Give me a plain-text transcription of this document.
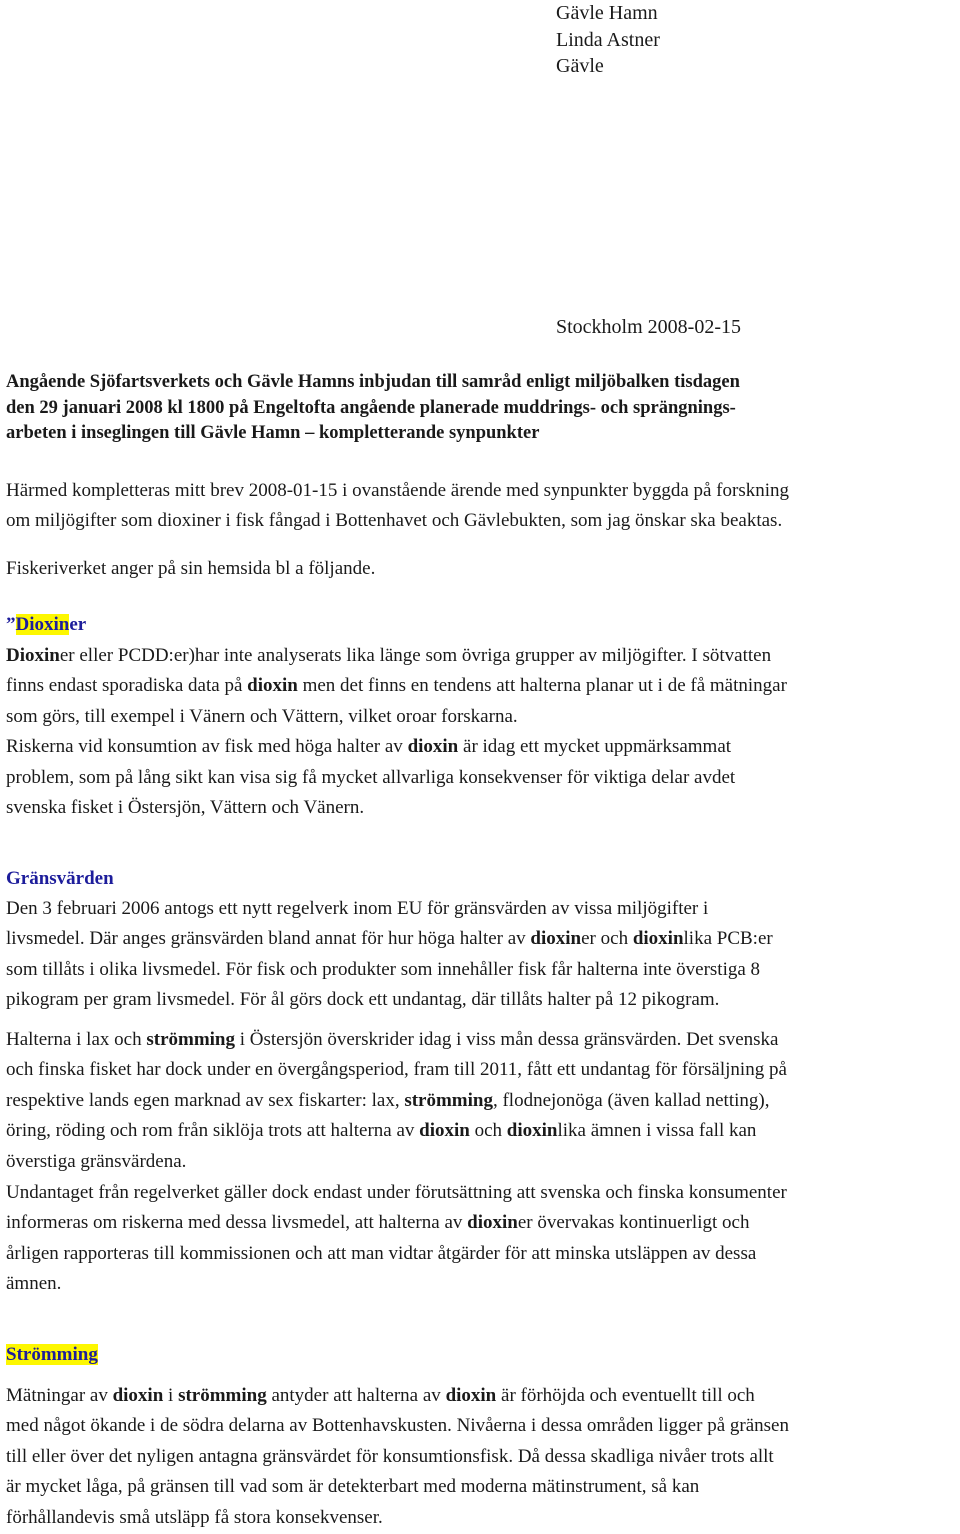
Gävle Hamn
Linda Astner
Gävle
Stockholm 2008-02-15
Angående Sjöfartsverkets och Gävle Hamns inbjudan till samråd enligt miljöbalken tisdagen
den 29 januari 2008 kl 1800 på Engeltofta angående planerade muddrings- och sprängnings-
arbeten i inseglingen till Gävle Hamn – kompletterande synpunkter
Härmed kompletteras mitt brev 2008-01-15 i ovanstående ärende med synpunkter byggda på forskning
om miljögifter som dioxiner i fisk fångad i Bottenhavet och Gävlebukten, som jag önskar ska beaktas.
Fiskeriverket anger på sin hemsida bl a följande.
”Dioxiner
Dioxiner eller PCDD:er)har inte analyserats lika länge som övriga grupper av miljögifter. I sötvatten
finns endast sporadiska data på dioxin men det finns en tendens att halterna planar ut i de få mätningar
som görs, till exempel i Vänern och Vättern, vilket oroar forskarna.
Riskerna vid konsumtion av fisk med höga halter av dioxin är idag ett mycket uppmärksammat
problem, som på lång sikt kan visa sig få mycket allvarliga konsekvenser för viktiga delar avdet
svenska fisket i Östersjön, Vättern och Vänern.
Gränsvärden
Den 3 februari 2006 antogs ett nytt regelverk inom EU för gränsvärden av vissa miljögifter i
livsmedel. Där anges gränsvärden bland annat för hur höga halter av dioxiner och dioxinlika PCB:er
som tillåts i olika livsmedel. För fisk och produkter som innehåller fisk får halterna inte överstiga 8
pikogram per gram livsmedel. För ål görs dock ett undantag, där tillåts halter på 12 pikogram.
Halterna i lax och strömming i Östersjön överskrider idag i viss mån dessa gränsvärden. Det svenska
och finska fisket har dock under en övergångsperiod, fram till 2011, fått ett undantag för försäljning på
respektive lands egen marknad av sex fiskarter: lax, strömming, flodnejonöga (även kallad netting),
öring, röding och rom från siklöja trots att halterna av dioxin och dioxinlika ämnen i vissa fall kan
överstiga gränsvärdena.
Undantaget från regelverket gäller dock endast under förutsättning att svenska och finska konsumenter
informeras om riskerna med dessa livsmedel, att halterna av dioxiner övervakas kontinuerligt och
årligen rapporteras till kommissionen och att man vidtar åtgärder för att minska utsläppen av dessa
ämnen.
Strömming
Mätningar av dioxin i strömming antyder att halterna av dioxin är förhöjda och eventuellt till och
med något ökande i de södra delarna av Bottenhavskusten. Nivåerna i dessa områden ligger på gränsen
till eller över det nyligen antagna gränsvärdet för konsumtionsfisk. Då dessa skadliga nivåer trots allt
är mycket låga, på gränsen till vad som är detekterbart med moderna mätinstrument, så kan
förhållandevis små utsläpp få stora konsekvenser.
